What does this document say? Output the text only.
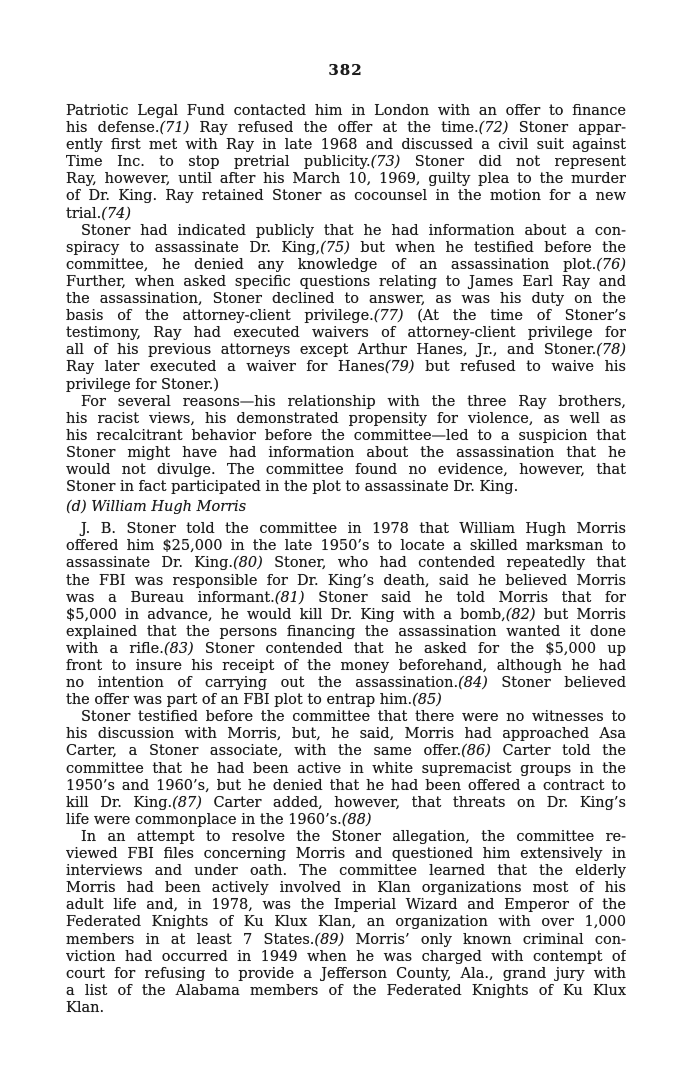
382
Patriotic Legal Fund contacted him in London with an offer to finance
his defense.(71) Ray refused the offer at the time.(72) Stoner appar-
ently first met with Ray in late 1968 and discussed a civil suit against
Time Inc. to stop pretrial publicity.(73) Stoner did not represent
Ray, however, until after his March 10, 1969, guilty plea to the murder
of Dr. King. Ray retained Stoner as cocounsel in the motion for a new
trial.(74)
Stoner had indicated publicly that he had information about a con-
spiracy to assassinate Dr. King,(75) but when he testified before the
committee, he denied any knowledge of an assassination plot.(76)
Further, when asked specific questions relating to James Earl Ray and
the assassination, Stoner declined to answer, as was his duty on the
basis of the attorney-client privilege.(77) (At the time of Stoner’s
testimony, Ray had executed waivers of attorney-client privilege for
all of his previous attorneys except Arthur Hanes, Jr., and Stoner.(78)
Ray later executed a waiver for Hanes(79) but refused to waive his
privilege for Stoner.)
For several reasons—his relationship with the three Ray brothers,
his racist views, his demonstrated propensity for violence, as well as
his recalcitrant behavior before the committee—led to a suspicion that
Stoner might have had information about the assassination that he
would not divulge. The committee found no evidence, however, that
Stoner in fact participated in the plot to assassinate Dr. King.
(d) William Hugh Morris
J. B. Stoner told the committee in 1978 that William Hugh Morris
offered him $25,000 in the late 1950’s to locate a skilled marksman to
assassinate Dr. King.(80) Stoner, who had contended repeatedly that
the FBI was responsible for Dr. King’s death, said he believed Morris
was a Bureau informant.(81) Stoner said he told Morris that for
$5,000 in advance, he would kill Dr. King with a bomb,(82) but Morris
explained that the persons financing the assassination wanted it done
with a rifle.(83) Stoner contended that he asked for the $5,000 up
front to insure his receipt of the money beforehand, although he had
no intention of carrying out the assassination.(84) Stoner believed
the offer was part of an FBI plot to entrap him.(85)
Stoner testified before the committee that there were no witnesses to
his discussion with Morris, but, he said, Morris had approached Asa
Carter, a Stoner associate, with the same offer.(86) Carter told the
committee that he had been active in white supremacist groups in the
1950’s and 1960’s, but he denied that he had been offered a contract to
kill Dr. King.(87) Carter added, however, that threats on Dr. King’s
life were commonplace in the 1960’s.(88)
In an attempt to resolve the Stoner allegation, the committee re-
viewed FBI files concerning Morris and questioned him extensively in
interviews and under oath. The committee learned that the elderly
Morris had been actively involved in Klan organizations most of his
adult life and, in 1978, was the Imperial Wizard and Emperor of the
Federated Knights of Ku Klux Klan, an organization with over 1,000
members in at least 7 States.(89) Morris’ only known criminal con-
viction had occurred in 1949 when he was charged with contempt of
court for refusing to provide a Jefferson County, Ala., grand jury with
a list of the Alabama members of the Federated Knights of Ku Klux
Klan.
